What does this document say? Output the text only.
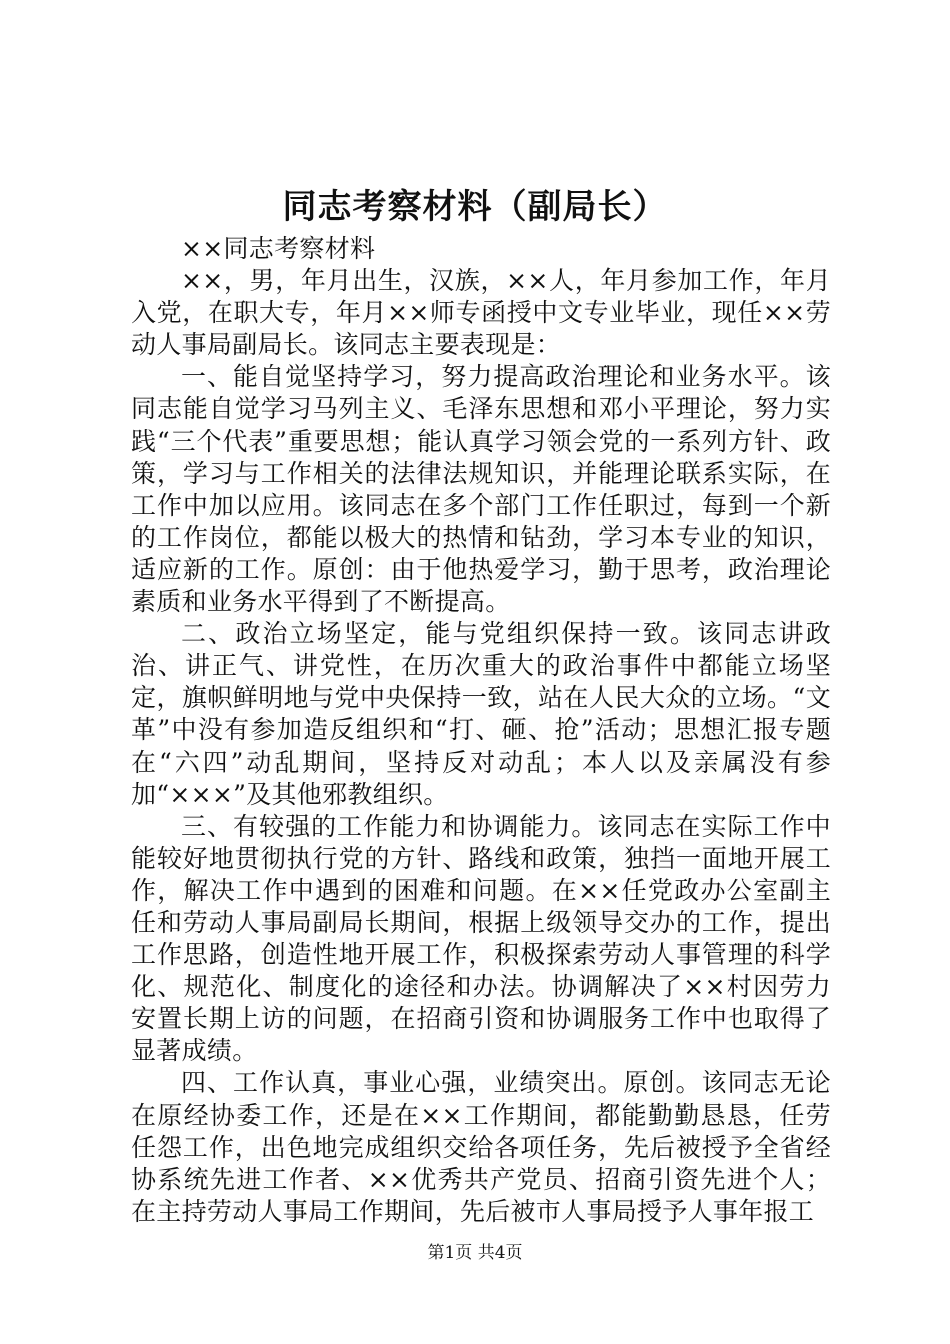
同志考察材料（副局长）

××同志考察材料

××，男，年月出生，汉族，××人，年月参加工作，年月入党，在职大专，年月××师专函授中文专业毕业，现任××劳动人事局副局长。该同志主要表现是：

一、能自觉坚持学习，努力提高政治理论和业务水平。该同志能自觉学习马列主义、毛泽东思想和邓小平理论，努力实践“三个代表”重要思想；能认真学习领会党的一系列方针、政策，学习与工作相关的法律法规知识，并能理论联系实际，在工作中加以应用。该同志在多个部门工作任职过，每到一个新的工作岗位，都能以极大的热情和钻劲，学习本专业的知识，适应新的工作。原创：由于他热爱学习，勤于思考，政治理论素质和业务水平得到了不断提高。

二、政治立场坚定，能与党组织保持一致。该同志讲政治、讲正气、讲党性，在历次重大的政治事件中都能立场坚定，旗帜鲜明地与党中央保持一致，站在人民大众的立场。“文革”中没有参加造反组织和“打、砸、抢”活动；思想汇报专题在“六四”动乱期间，坚持反对动乱；本人以及亲属没有参加“×××”及其他邪教组织。

三、有较强的工作能力和协调能力。该同志在实际工作中能较好地贯彻执行党的方针、路线和政策，独挡一面地开展工作，解决工作中遇到的困难和问题。在××任党政办公室副主任和劳动人事局副局长期间，根据上级领导交办的工作，提出工作思路，创造性地开展工作，积极探索劳动人事管理的科学化、规范化、制度化的途径和办法。协调解决了××村因劳力安置长期上访的问题，在招商引资和协调服务工作中也取得了显著成绩。

四、工作认真，事业心强，业绩突出。原创。该同志无论在原经协委工作，还是在××工作期间，都能勤勤恳恳，任劳任怨工作，出色地完成组织交给各项任务，先后被授予全省经协系统先进工作者、××优秀共产党员、招商引资先进个人；在主持劳动人事局工作期间，先后被市人事局授予人事年报工

第1页 共4页
